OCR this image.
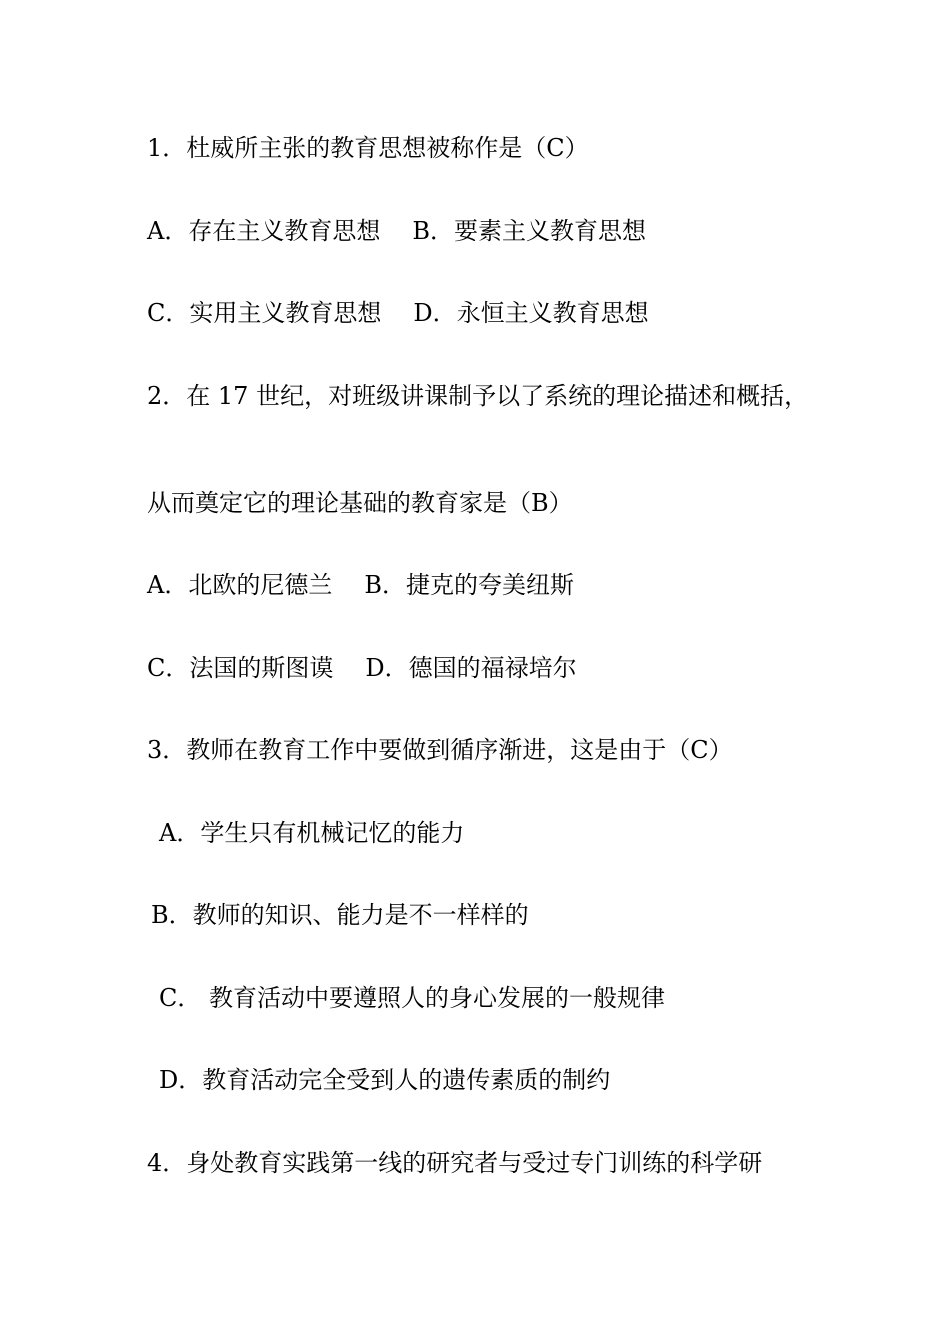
1．杜威所主张的教育思想被称作是（C）
A．存在主义教育思想 B．要素主义教育思想
C．实用主义教育思想 D．永恒主义教育思想
2．在 17 世纪，对班级讲课制予以了系统的理论描述和概括，
从而奠定它的理论基础的教育家是（B）
A．北欧的尼德兰 B．捷克的夸美纽斯
C．法国的斯图谟 D．德国的福禄培尔
3．教师在教育工作中要做到循序渐进，这是由于（C）
A．学生只有机械记忆的能力
B．教师的知识、能力是不一样样的
C． 教育活动中要遵照人的身心发展的一般规律
D．教育活动完全受到人的遗传素质的制约
4．身处教育实践第一线的研究者与受过专门训练的科学研
